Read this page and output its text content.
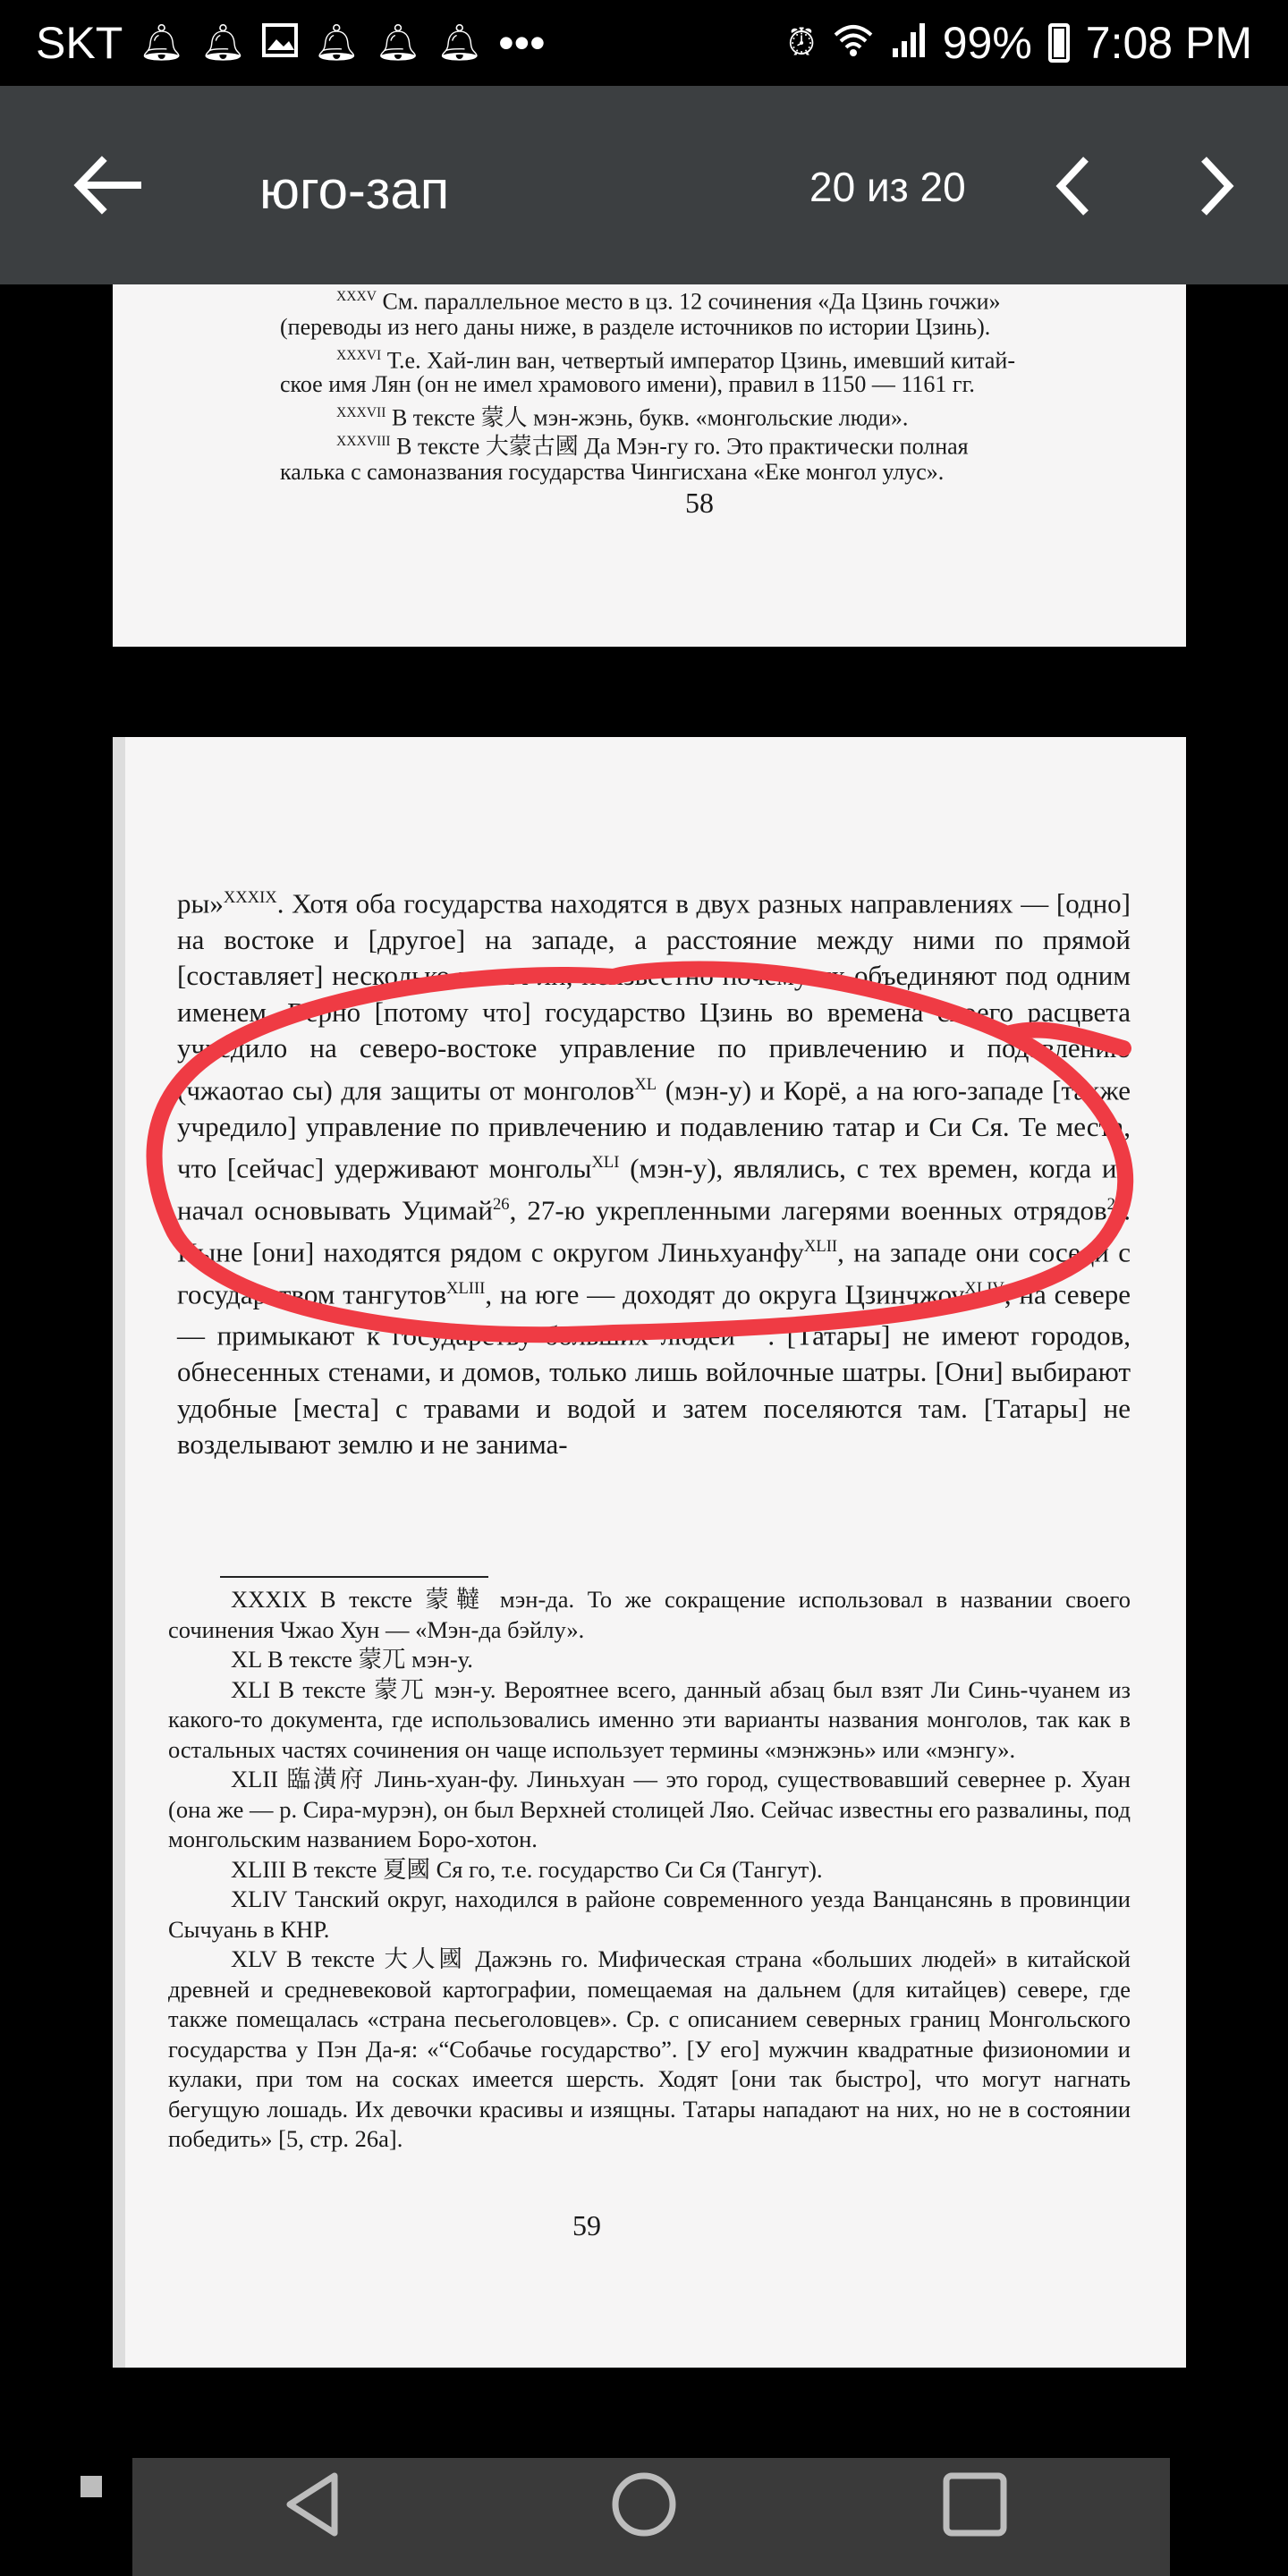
SKT 🔔︎ 🔔︎ 🔔︎ 🔔︎ 🔔︎ •••	⏰︎	99% 7:08 PM
юго-зап	20 из 20

$^{XXXV}$ См. параллельное место в цз. 12 сочинения «Да Цзинь гочжи»

(переводы из него даны ниже, в разделе источников по истории Цзинь).

$^{XXXVI}$ Т.е. Хай-лин ван, четвертый император Цзинь, имевший китай-

ское имя Лян (он не имел храмового имени), правил в 1150 — 1161 гг.

$^{XXXVII}$ В тексте 蒙人 мэн-жэнь, букв. «монгольские люди».

$^{XXXVIII}$ В тексте 大蒙古國 Да Мэн-гу го. Это практически полная

калька с самоназвания государства Чингисхана «Еке монгол улус».

58

ры»$^{XXXIX}$. Хотя оба государства находятся в двух разных направлениях — [одно] на востоке и [другое] на западе, а расстояние между ними по прямой [составляет] несколько тысяч ли, неизвестно почему их объединяют под одним именем. Верно [потому что] государство Цзинь во времена своего расцвета учредило на северо-востоке управление по привлечению и подавлению (чжаотао сы) для защиты от монголов$^{XL}$ (мэн-у) и Корё, а на юго-западе [также учредило] управление по привлечению и подавлению татар и Си Ся. Те места, что [сейчас] удерживают монголы$^{XLI}$ (мэн-у), являлись, с тех времен, когда их начал основывать Уцимай$^{26}$, 27-ю укрепленными лагерями военных отрядов$^{27}$. Ныне [они] находятся рядом с округом Линьхуанфу$^{XLII}$, на западе они соседи с государством тангутов$^{XLIII}$, на юге — доходят до округа Цзинчжоу$^{XLIV}$, на севере — примыкают к государству больших людей$^{XLV}$. [Татары] не имеют городов, обнесенных стенами, и домов, только лишь войлочные шатры. [Они] выбирают удобные [места] с травами и водой и затем поселяются там. [Татары] не возделывают землю и не занима-

XXXIX В тексте 蒙韃 мэн-да. То же сокращение использовал в названии своего сочинения Чжао Хун — «Мэн-да бэйлу».

XL В тексте 蒙兀 мэн-у.

XLI В тексте 蒙兀 мэн-у. Вероятнее всего, данный абзац был взят Ли Синь-чуанем из какого-то документа, где использовались именно эти варианты названия монголов, так как в остальных частях сочинения он чаще использует термины «мэнжэнь» или «мэнгу».

XLII 臨潢府 Линь-хуан-фу. Линьхуан — это город, существовавший севернее р. Хуан (она же — р. Сира-мурэн), он был Верхней столицей Ляо. Сейчас известны его развалины, под монгольским названием Боро-хотон.

XLIII В тексте 夏國 Ся го, т.е. государство Си Ся (Тангут).

XLIV Танский округ, находился в районе современного уезда Ванцансянь в провинции Сычуань в КНР.

XLV В тексте 大人國 Дажэнь го. Мифическая страна «больших людей» в китайской древней и средневековой картографии, помещаемая на дальнем (для китайцев) севере, где также помещалась «страна песьеголовцев». Ср. с описанием северных границ Монгольского государства у Пэн Да-я: «“Собачье государство”. [У его] мужчин квадратные физиономии и кулаки, при том на сосках имеется шерсть. Ходят [они так быстро], что могут нагнать бегущую лошадь. Их девочки красивы и изящны. Татары нападают на них, но не в состоянии победить» [5, стр. 26а].

59
